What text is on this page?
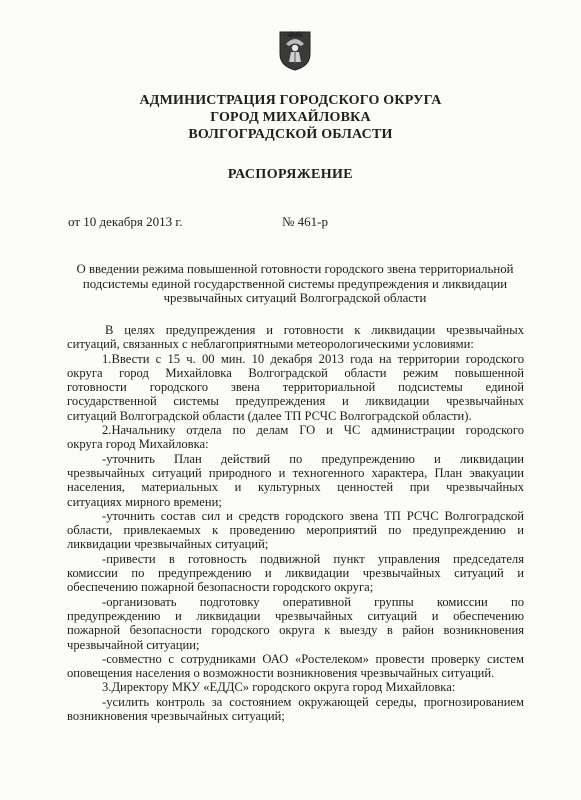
АДМИНИСТРАЦИЯ ГОРОДСКОГО ОКРУГА
ГОРОД МИХАЙЛОВКА
ВОЛГОГРАДСКОЙ ОБЛАСТИ
РАСПОРЯЖЕНИЕ
от 10 декабря 2013 г.	№ 461-р
О введении режима повышенной готовности городского звена территориальной
подсистемы единой государственной системы предупреждения и ликвидации
чрезвычайных ситуаций Волгоградской области
В целях предупреждения и готовности к ликвидации чрезвычайных
ситуаций, связанных с неблагоприятными метеорологическими условиями:
1.Ввести с 15 ч. 00 мин. 10 декабря 2013 года на территории городского
округа город Михайловка Волгоградской области режим повышенной
готовности городского звена территориальной подсистемы единой
государственной системы предупреждения и ликвидации чрезвычайных
ситуаций Волгоградской области (далее ТП РСЧС Волгоградской области).
2.Начальнику отдела по делам ГО и ЧС администрации городского
округа город Михайловка:
-уточнить План действий по предупреждению и ликвидации
чрезвычайных ситуаций природного и техногенного характера, План эвакуации
населения, материальных и культурных ценностей при чрезвычайных
ситуациях мирного времени;
-уточнить состав сил и средств городского звена ТП РСЧС Волгоградской
области, привлекаемых к проведению мероприятий по предупреждению и
ликвидации чрезвычайных ситуаций;
-привести в готовность подвижной пункт управления председателя
комиссии по предупреждению и ликвидации чрезвычайных ситуаций и
обеспечению пожарной безопасности городского округа;
-организовать подготовку оперативной группы комиссии по
предупреждению и ликвидации чрезвычайных ситуаций и обеспечению
пожарной безопасности городского округа к выезду в район возникновения
чрезвычайной ситуации;
-совместно с сотрудниками ОАО «Ростелеком» провести проверку систем
оповещения населения о возможности возникновения чрезвычайных ситуаций.
3.Директору МКУ «ЕДДС» городского округа город Михайловка:
-усилить контроль за состоянием окружающей середы, прогнозированием
возникновения чрезвычайных ситуаций;
